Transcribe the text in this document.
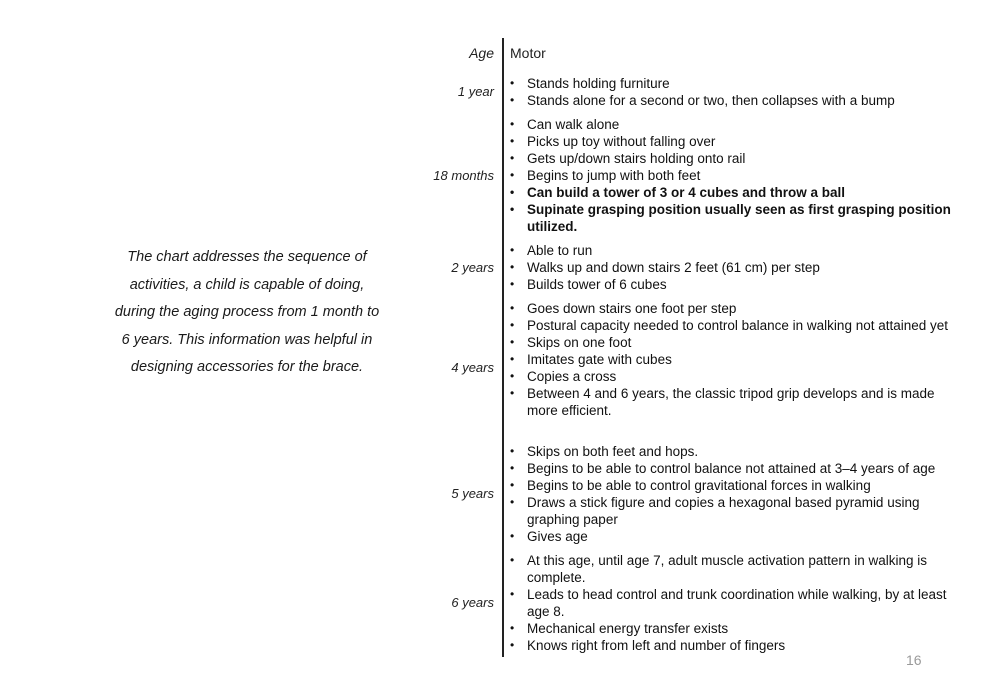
The chart addresses the sequence of activities, a child is capable of doing, during the aging process from 1 month to 6 years. This information was helpful in designing accessories for the brace.
Age Motor
1 year
• Stands holding furniture
• Stands alone for a second or two, then collapses with a bump
18 months
• Can walk alone
• Picks up toy without falling over
• Gets up/down stairs holding onto rail
• Begins to jump with both feet
• Can build a tower of 3 or 4 cubes and throw a ball
• Supinate grasping position usually seen as first grasping position utilized.
2 years
• Able to run
• Walks up and down stairs 2 feet (61 cm) per step
• Builds tower of 6 cubes
4 years
• Goes down stairs one foot per step
• Postural capacity needed to control balance in walking not attained yet
• Skips on one foot
• Imitates gate with cubes
• Copies a cross
• Between 4 and 6 years, the classic tripod grip develops and is made more efficient.
5 years
• Skips on both feet and hops.
• Begins to be able to control balance not attained at 3–4 years of age
• Begins to be able to control gravitational forces in walking
• Draws a stick figure and copies a hexagonal based pyramid using graphing paper
• Gives age
6 years
• At this age, until age 7, adult muscle activation pattern in walking is complete.
• Leads to head control and trunk coordination while walking, by at least age 8.
• Mechanical energy transfer exists
• Knows right from left and number of fingers
16
